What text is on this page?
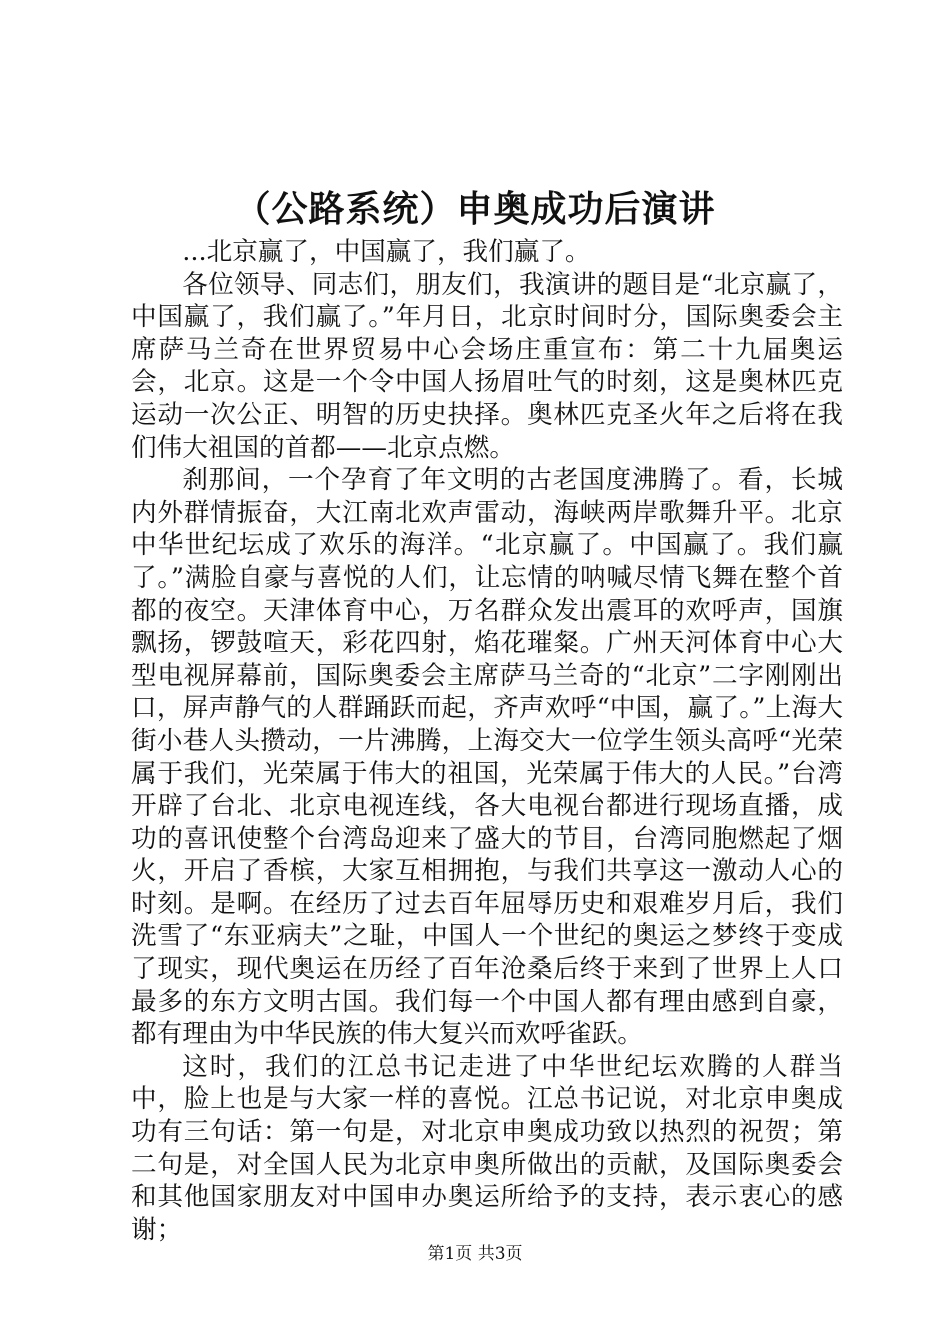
（公路系统）申奥成功后演讲

...北京赢了，中国赢了，我们赢了。

各位领导、同志们，朋友们，我演讲的题目是“北京赢了，中国赢了，我们赢了。”年月日，北京时间时分，国际奥委会主席萨马兰奇在世界贸易中心会场庄重宣布：第二十九届奥运会，北京。这是一个令中国人扬眉吐气的时刻，这是奥林匹克运动一次公正、明智的历史抉择。奥林匹克圣火年之后将在我们伟大祖国的首都——北京点燃。

刹那间，一个孕育了年文明的古老国度沸腾了。看，长城内外群情振奋，大江南北欢声雷动，海峡两岸歌舞升平。北京中华世纪坛成了欢乐的海洋。“北京赢了。中国赢了。我们赢了。”满脸自豪与喜悦的人们，让忘情的呐喊尽情飞舞在整个首都的夜空。天津体育中心，万名群众发出震耳的欢呼声，国旗飘扬，锣鼓喧天，彩花四射，焰花璀粲。广州天河体育中心大型电视屏幕前，国际奥委会主席萨马兰奇的“北京”二字刚刚出口，屏声静气的人群踊跃而起，齐声欢呼“中国，赢了。”上海大街小巷人头攒动，一片沸腾，上海交大一位学生领头高呼“光荣属于我们，光荣属于伟大的祖国，光荣属于伟大的人民。”台湾开辟了台北、北京电视连线，各大电视台都进行现场直播，成功的喜讯使整个台湾岛迎来了盛大的节目，台湾同胞燃起了烟火，开启了香槟，大家互相拥抱，与我们共享这一激动人心的时刻。是啊。在经历了过去百年屈辱历史和艰难岁月后，我们洗雪了“东亚病夫”之耻，中国人一个世纪的奥运之梦终于变成了现实，现代奥运在历经了百年沧桑后终于来到了世界上人口最多的东方文明古国。我们每一个中国人都有理由感到自豪，都有理由为中华民族的伟大复兴而欢呼雀跃。

这时，我们的江总书记走进了中华世纪坛欢腾的人群当中，脸上也是与大家一样的喜悦。江总书记说，对北京申奥成功有三句话：第一句是，对北京申奥成功致以热烈的祝贺；第二句是，对全国人民为北京申奥所做出的贡献，及国际奥委会和其他国家朋友对中国申办奥运所给予的支持，表示衷心的感谢；

第1页 共3页
